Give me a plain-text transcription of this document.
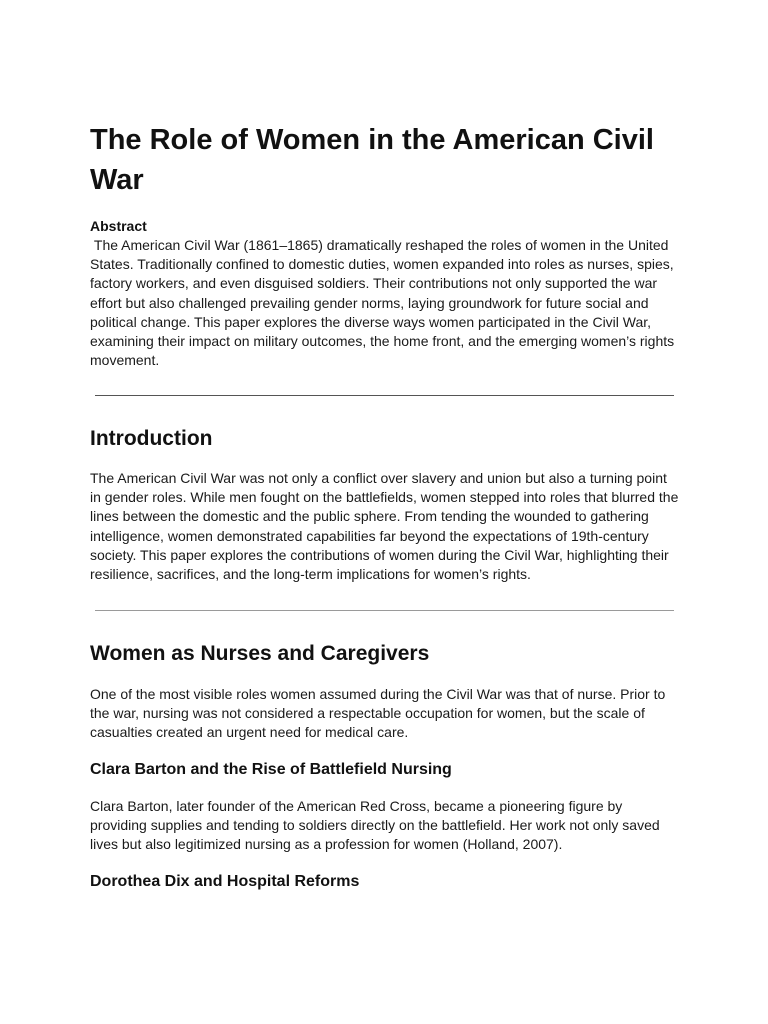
The Role of Women in the American Civil War
Abstract

The American Civil War (1861–1865) dramatically reshaped the roles of women in the United States. Traditionally confined to domestic duties, women expanded into roles as nurses, spies, factory workers, and even disguised soldiers. Their contributions not only supported the war effort but also challenged prevailing gender norms, laying groundwork for future social and political change. This paper explores the diverse ways women participated in the Civil War, examining their impact on military outcomes, the home front, and the emerging women’s rights movement.

Introduction

The American Civil War was not only a conflict over slavery and union but also a turning point in gender roles. While men fought on the battlefields, women stepped into roles that blurred the lines between the domestic and the public sphere. From tending the wounded to gathering intelligence, women demonstrated capabilities far beyond the expectations of 19th-century society. This paper explores the contributions of women during the Civil War, highlighting their resilience, sacrifices, and the long-term implications for women’s rights.

Women as Nurses and Caregivers

One of the most visible roles women assumed during the Civil War was that of nurse. Prior to the war, nursing was not considered a respectable occupation for women, but the scale of casualties created an urgent need for medical care.

Clara Barton and the Rise of Battlefield Nursing

Clara Barton, later founder of the American Red Cross, became a pioneering figure by providing supplies and tending to soldiers directly on the battlefield. Her work not only saved lives but also legitimized nursing as a profession for women (Holland, 2007).

Dorothea Dix and Hospital Reforms
